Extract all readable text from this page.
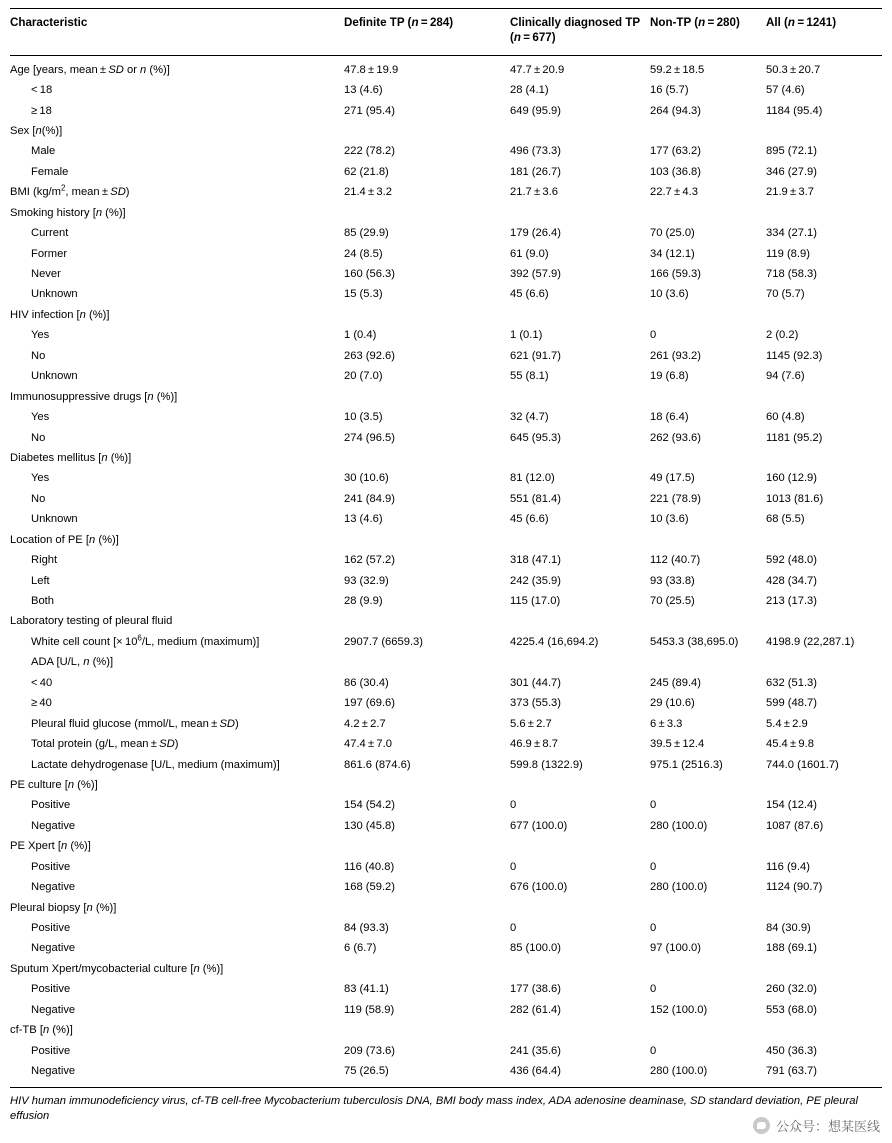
Characteristic	Definite TP (n = 284)	Clinically diagnosed TP (n = 677)	Non-TP (n = 280)	All (n = 1241)
Age [years, mean ± SD or n (%)]	47.8 ± 19.9	47.7 ± 20.9	59.2 ± 18.5	50.3 ± 20.7
< 18	13 (4.6)	28 (4.1)	16 (5.7)	57 (4.6)
≥ 18	271 (95.4)	649 (95.9)	264 (94.3)	1184 (95.4)
Sex [n(%)]				
Male	222 (78.2)	496 (73.3)	177 (63.2)	895 (72.1)
Female	62 (21.8)	181 (26.7)	103 (36.8)	346 (27.9)
BMI ($kg/m^2$, mean ± SD)	21.4 ± 3.2	21.7 ± 3.6	22.7 ± 4.3	21.9 ± 3.7
Smoking history [n (%)]				
Current	85 (29.9)	179 (26.4)	70 (25.0)	334 (27.1)
Former	24 (8.5)	61 (9.0)	34 (12.1)	119 (8.9)
Never	160 (56.3)	392 (57.9)	166 (59.3)	718 (58.3)
Unknown	15 (5.3)	45 (6.6)	10 (3.6)	70 (5.7)
HIV infection [n (%)]				
Yes	1 (0.4)	1 (0.1)	0	2 (0.2)
No	263 (92.6)	621 (91.7)	261 (93.2)	1145 (92.3)
Unknown	20 (7.0)	55 (8.1)	19 (6.8)	94 (7.6)
Immunosuppressive drugs [n (%)]				
Yes	10 (3.5)	32 (4.7)	18 (6.4)	60 (4.8)
No	274 (96.5)	645 (95.3)	262 (93.6)	1181 (95.2)
Diabetes mellitus [n (%)]				
Yes	30 (10.6)	81 (12.0)	49 (17.5)	160 (12.9)
No	241 (84.9)	551 (81.4)	221 (78.9)	1013 (81.6)
Unknown	13 (4.6)	45 (6.6)	10 (3.6)	68 (5.5)
Location of PE [n (%)]				
Right	162 (57.2)	318 (47.1)	112 (40.7)	592 (48.0)
Left	93 (32.9)	242 (35.9)	93 (33.8)	428 (34.7)
Both	28 (9.9)	115 (17.0)	70 (25.5)	213 (17.3)
Laboratory testing of pleural fluid				
White cell count [× $10^6/L$, medium (maximum)]	2907.7 (6659.3)	4225.4 (16,694.2)	5453.3 (38,695.0)	4198.9 (22,287.1)
ADA [U/L, n (%)]				
< 40	86 (30.4)	301 (44.7)	245 (89.4)	632 (51.3)
≥ 40	197 (69.6)	373 (55.3)	29 (10.6)	599 (48.7)
Pleural fluid glucose (mmol/L, mean ± SD)	4.2 ± 2.7	5.6 ± 2.7	6 ± 3.3	5.4 ± 2.9
Total protein (g/L, mean ± SD)	47.4 ± 7.0	46.9 ± 8.7	39.5 ± 12.4	45.4 ± 9.8
Lactate dehydrogenase [U/L, medium (maximum)]	861.6 (874.6)	599.8 (1322.9)	975.1 (2516.3)	744.0 (1601.7)
PE culture [n (%)]				
Positive	154 (54.2)	0	0	154 (12.4)
Negative	130 (45.8)	677 (100.0)	280 (100.0)	1087 (87.6)
PE Xpert [n (%)]				
Positive	116 (40.8)	0	0	116 (9.4)
Negative	168 (59.2)	676 (100.0)	280 (100.0)	1124 (90.7)
Pleural biopsy [n (%)]				
Positive	84 (93.3)	0	0	84 (30.9)
Negative	6 (6.7)	85 (100.0)	97 (100.0)	188 (69.1)
Sputum Xpert/mycobacterial culture [n (%)]				
Positive	83 (41.1)	177 (38.6)	0	260 (32.0)
Negative	119 (58.9)	282 (61.4)	152 (100.0)	553 (68.0)
cf-TB [n (%)]				
Positive	209 (73.6)	241 (35.6)	0	450 (36.3)
Negative	75 (26.5)	436 (64.4)	280 (100.0)	791 (63.7)
HIV human immunodeficiency virus, cf-TB cell-free Mycobacterium tuberculosis DNA, BMI body mass index, ADA adenosine deaminase, SD standard deviation, PE pleural effusion
公众号：想某医线
